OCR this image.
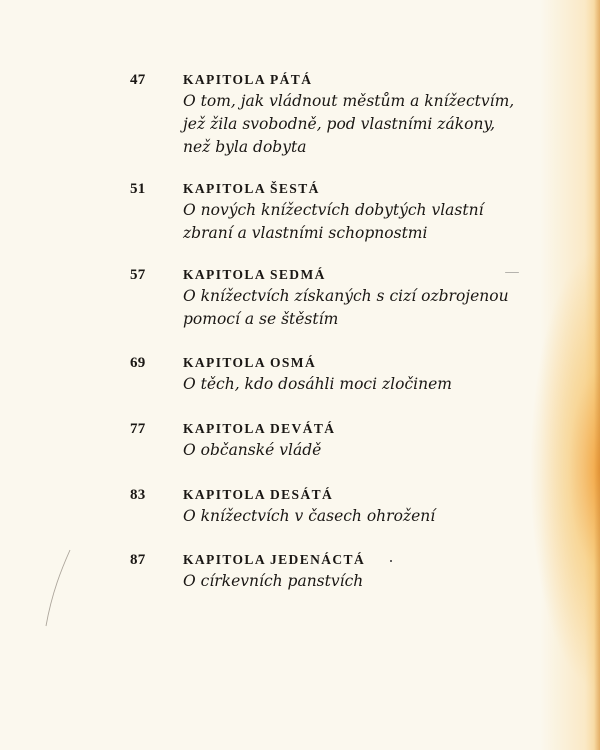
47	KAPITOLA PÁTÁ
O tom, jak vládnout městům a knížectvím,
jež žila svobodně, pod vlastními zákony,
než byla dobyta
51	KAPITOLA ŠESTÁ
O nových knížectvích dobytých vlastní
zbraní a vlastními schopnostmi
57	KAPITOLA SEDMÁ
O knížectvích získaných s cizí ozbrojenou
pomocí a se štěstím
69	KAPITOLA OSMÁ
O těch, kdo dosáhli moci zločinem
77	KAPITOLA DEVÁTÁ
O občanské vládě
83	KAPITOLA DESÁTÁ
O knížectvích v časech ohrožení
87	KAPITOLA JEDENÁCTÁ
O církevních panstvích
